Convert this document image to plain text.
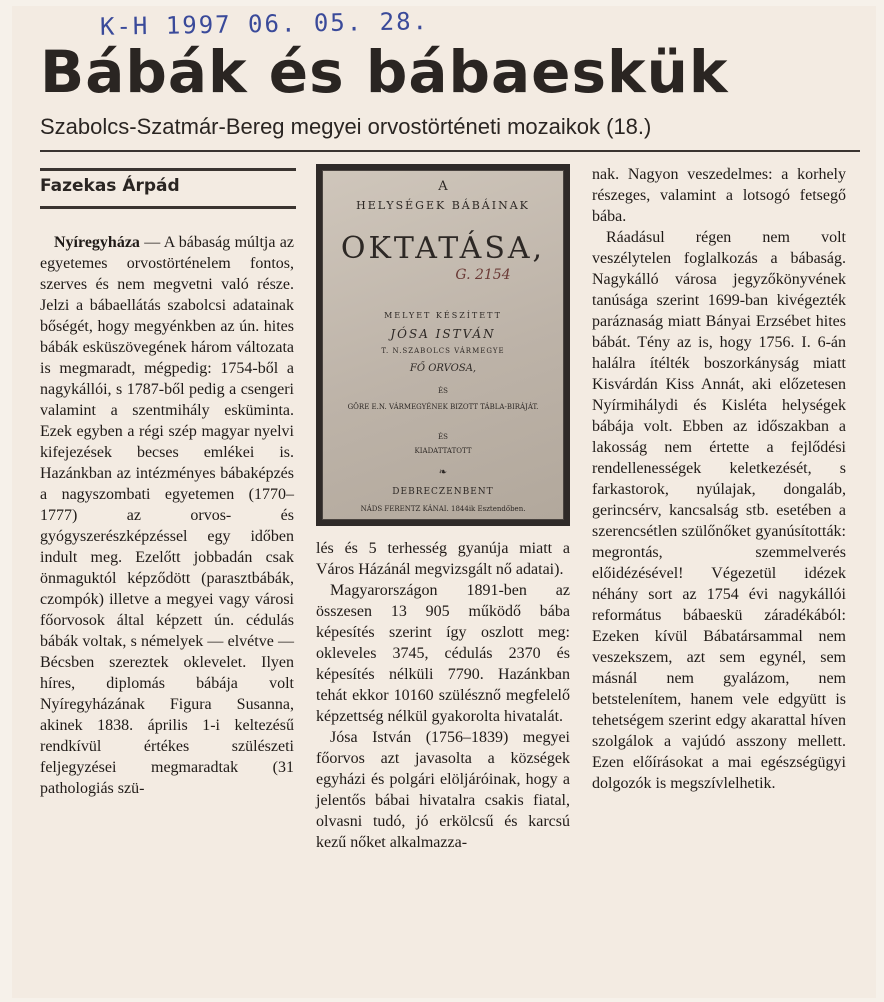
K-H 1997 06. 05. 28.
Bábák és bábaeskük
Szabolcs-Szatmár-Bereg megyei orvostörténeti mozaikok (18.)
Fazekas Árpád

Nyíregyháza — A bábaság múltja az egyetemes orvostörténelem fontos, szerves és nem megvetni való része. Jelzi a bábaellátás szabolcsi adatainak bőségét, hogy megyénkben az ún. hites bábák esküszövegének három változata is megmaradt, mégpedig: 1754-ből a nagykállói, s 1787-ből pedig a csengeri valamint a szentmihály esküminta. Ezek egyben a régi szép magyar nyelvi kifejezések becses emlékei is. Hazánkban az intézményes bábaképzés a nagyszombati egyetemen (1770–1777) az orvos- és gyógyszerészképzéssel egy időben indult meg. Ezelőtt jobbadán csak önmaguktól képződött (parasztbábák, czompók) illetve a megyei vagy városi főorvosok által képzett ún. cédulás bábák voltak, s némelyek — elvétve — Bécsben szereztek oklevelet. Ilyen híres, diplomás bábája volt Nyíregyházának Figura Susanna, akinek 1838. április 1-i keltezésű rendkívül értékes szülészeti feljegyzései megmaradtak (31 pathologiás szü-

A
HELYSÉGEK BÁBÁINAK
OKTATÁSA,
G. 2154
MELYET KÉSZÍTETT
JÓSA ISTVÁN
T. N.SZABOLCS VÁRMEGYE
FŐ ORVOSA,
ÉS
GÖRE E.N. VÁRMEGYÉNEK BIZOTT TÁBLA-BIRÁJÁT.
ÉS
KIADATTATOTT
❧
DEBRECZENBENT
NÁDS FERENTZ KÁNAI. 1844ik Esztendőben.

lés és 5 terhesség gyanúja miatt a Város Házánál megvizsgált nő adatai).

Magyarországon 1891-ben az összesen 13 905 működő bába képesítés szerint így oszlott meg: okleveles 3745, cédulás 2370 és képesítés nélküli 7790. Hazánkban tehát ekkor 10160 szülésznő megfelelő képzettség nélkül gyakorolta hivatalát.

Jósa István (1756–1839) megyei főorvos azt javasolta a községek egyházi és polgári elöljáróinak, hogy a jelentős bábai hivatalra csakis fiatal, olvasni tudó, jó erkölcsű és karcsú kezű nőket alkalmazza-

nak. Nagyon veszedelmes: a korhely részeges, valamint a lotsogó fetsegő bába.

Ráadásul régen nem volt veszélytelen foglalkozás a bábaság. Nagykálló városa jegyzőkönyvének tanúsága szerint 1699-ban kivégezték paráznaság miatt Bányai Erzsébet hites bábát. Tény az is, hogy 1756. I. 6-án halálra ítélték boszorkányság miatt Kisvárdán Kiss Annát, aki előzetesen Nyírmihálydi és Kisléta helységek bábája volt. Ebben az időszakban a lakosság nem értette a fejlődési rendellenességek keletkezését, s farkastorok, nyúlajak, dongaláb, gerincsérv, kancsalság stb. esetében a szerencsétlen szülőnőket gyanúsították: megrontás, szemmelverés előidézésével! Végezetül idézek néhány sort az 1754 évi nagykállói református bábaeskü záradékából: Ezeken kívül Bábatársammal nem veszekszem, azt sem egynél, sem másnál nem gyalázom, nem betstelenítem, hanem vele edgyütt is tehetségem szerint edgy akarattal híven szolgálok a vajúdó asszony mellett. Ezen előírásokat a mai egészségügyi dolgozók is megszívlelhetik.
